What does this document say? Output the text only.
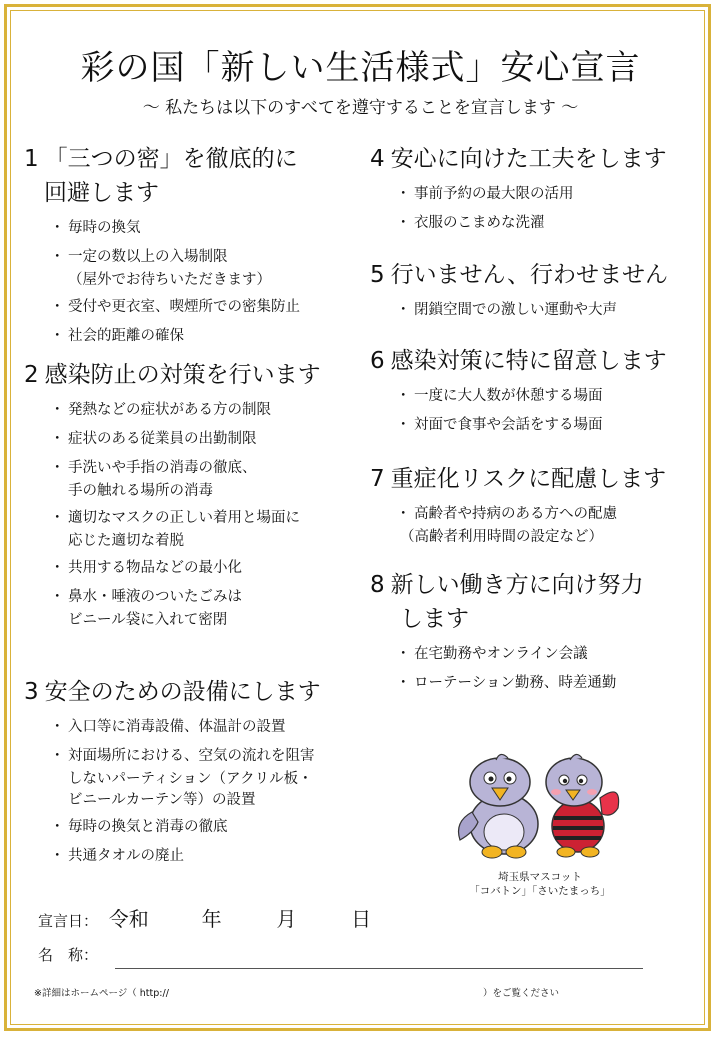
彩の国「新しい生活様式」安心宣言

～ 私たちは以下のすべてを遵守することを宣言します ～

1 「三つの密」を徹底的に
回避します
・ 毎時の換気
・ 一定の数以上の入場制限
（屋外でお待ちいただきます）
・ 受付や更衣室、喫煙所での密集防止
・ 社会的距離の確保
2 感染防止の対策を行います
・ 発熱などの症状がある方の制限
・ 症状のある従業員の出勤制限
・ 手洗いや手指の消毒の徹底、
手の触れる場所の消毒
・ 適切なマスクの正しい着用と場面に
応じた適切な着脱
・ 共用する物品などの最小化
・ 鼻水・唾液のついたごみは
ビニール袋に入れて密閉
3 安全のための設備にします
・ 入口等に消毒設備、体温計の設置
・ 対面場所における、空気の流れを阻害
しないパーティション（アクリル板・
ビニールカーテン等）の設置
・ 毎時の換気と消毒の徹底
・ 共通タオルの廃止
4 安心に向けた工夫をします
・ 事前予約の最大限の活用
・ 衣服のこまめな洗濯
5 行いません、行わせません
・ 閉鎖空間での激しい運動や大声
6 感染対策に特に留意します
・ 一度に大人数が休憩する場面
・ 対面で食事や会話をする場面
7 重症化リスクに配慮します
・ 高齢者や持病のある方への配慮
（高齢者利用時間の設定など）
8 新しい働き方に向け努力
します
・ 在宅勤務やオンライン会議
・ ローテーション勤務、時差通勤
埼玉県マスコット
「コバトン」「さいたまっち」
宣言日： 令和	年	月	日
名　称：
※詳細はホームページ（ http://                                                                                                        ）をご覧ください
